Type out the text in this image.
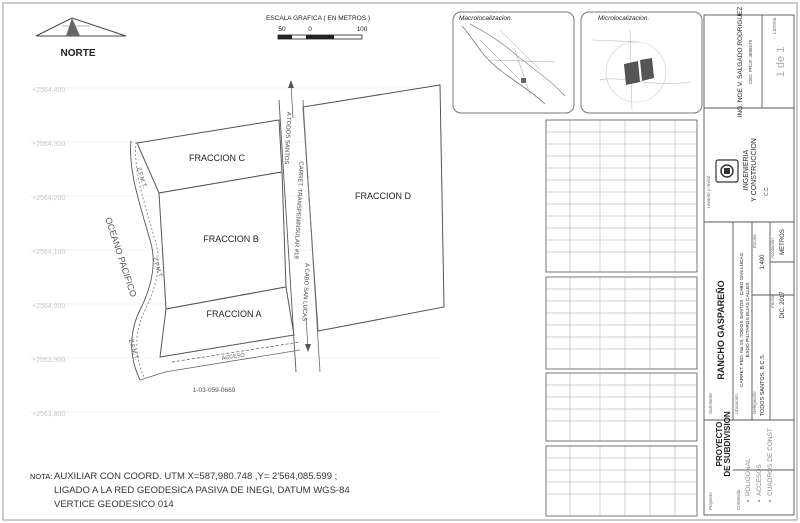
+2564,400
+2564,300
+2564,200
+2564,100
+2564,000
+2563,900
+2563,800
NORTE
ESCALA GRAFICA ( EN METROS )
50	0	100
OCEANO PACIFICO
Z.F.M.T.
Z.F.M.T.
Z.F.M.T.
FRACCION C
FRACCION B
FRACCION A
FRACCION D
ACCESO
1-03-059-0669
A TODOS SANTOS
CARRET. TRANSPENINSULAR #19
A CABO SAN LUCAS
NOTA: AUXILIAR CON COORD. UTM X=587,980.748 ,Y= 2'564,085.599 ;
LIGADO A LA RED GEODESICA PASIVA DE INEGI, DATUM WGS-84
VERTICE GEODESICO 014
Macrolocalizacion.	Microlocalizacion.	Lámina
1 de 1
ING. NOE V. SALGADO RODRIGUEZ CED. PROF. 4696579
Levantó y revisó
INGENIERIA Y CONSTRUCCION C.C.
Solicitante
RANCHO GASPAREÑO
Ubicación
CARRET. FED. No.19, TODOS SANTOS - CABO SAN LUCAS EJIDO PILITAROS ELIAS CALLES
Delegación TODOS SANTOS, B.C.S.
Escala
1:400
Acotación METROS
Fecha DIC. 2017
Proyecto
PROYECTO DE SUBDIVISION
Contenido
POLIGONAL ACCESOS CUADROS DE CONST.
